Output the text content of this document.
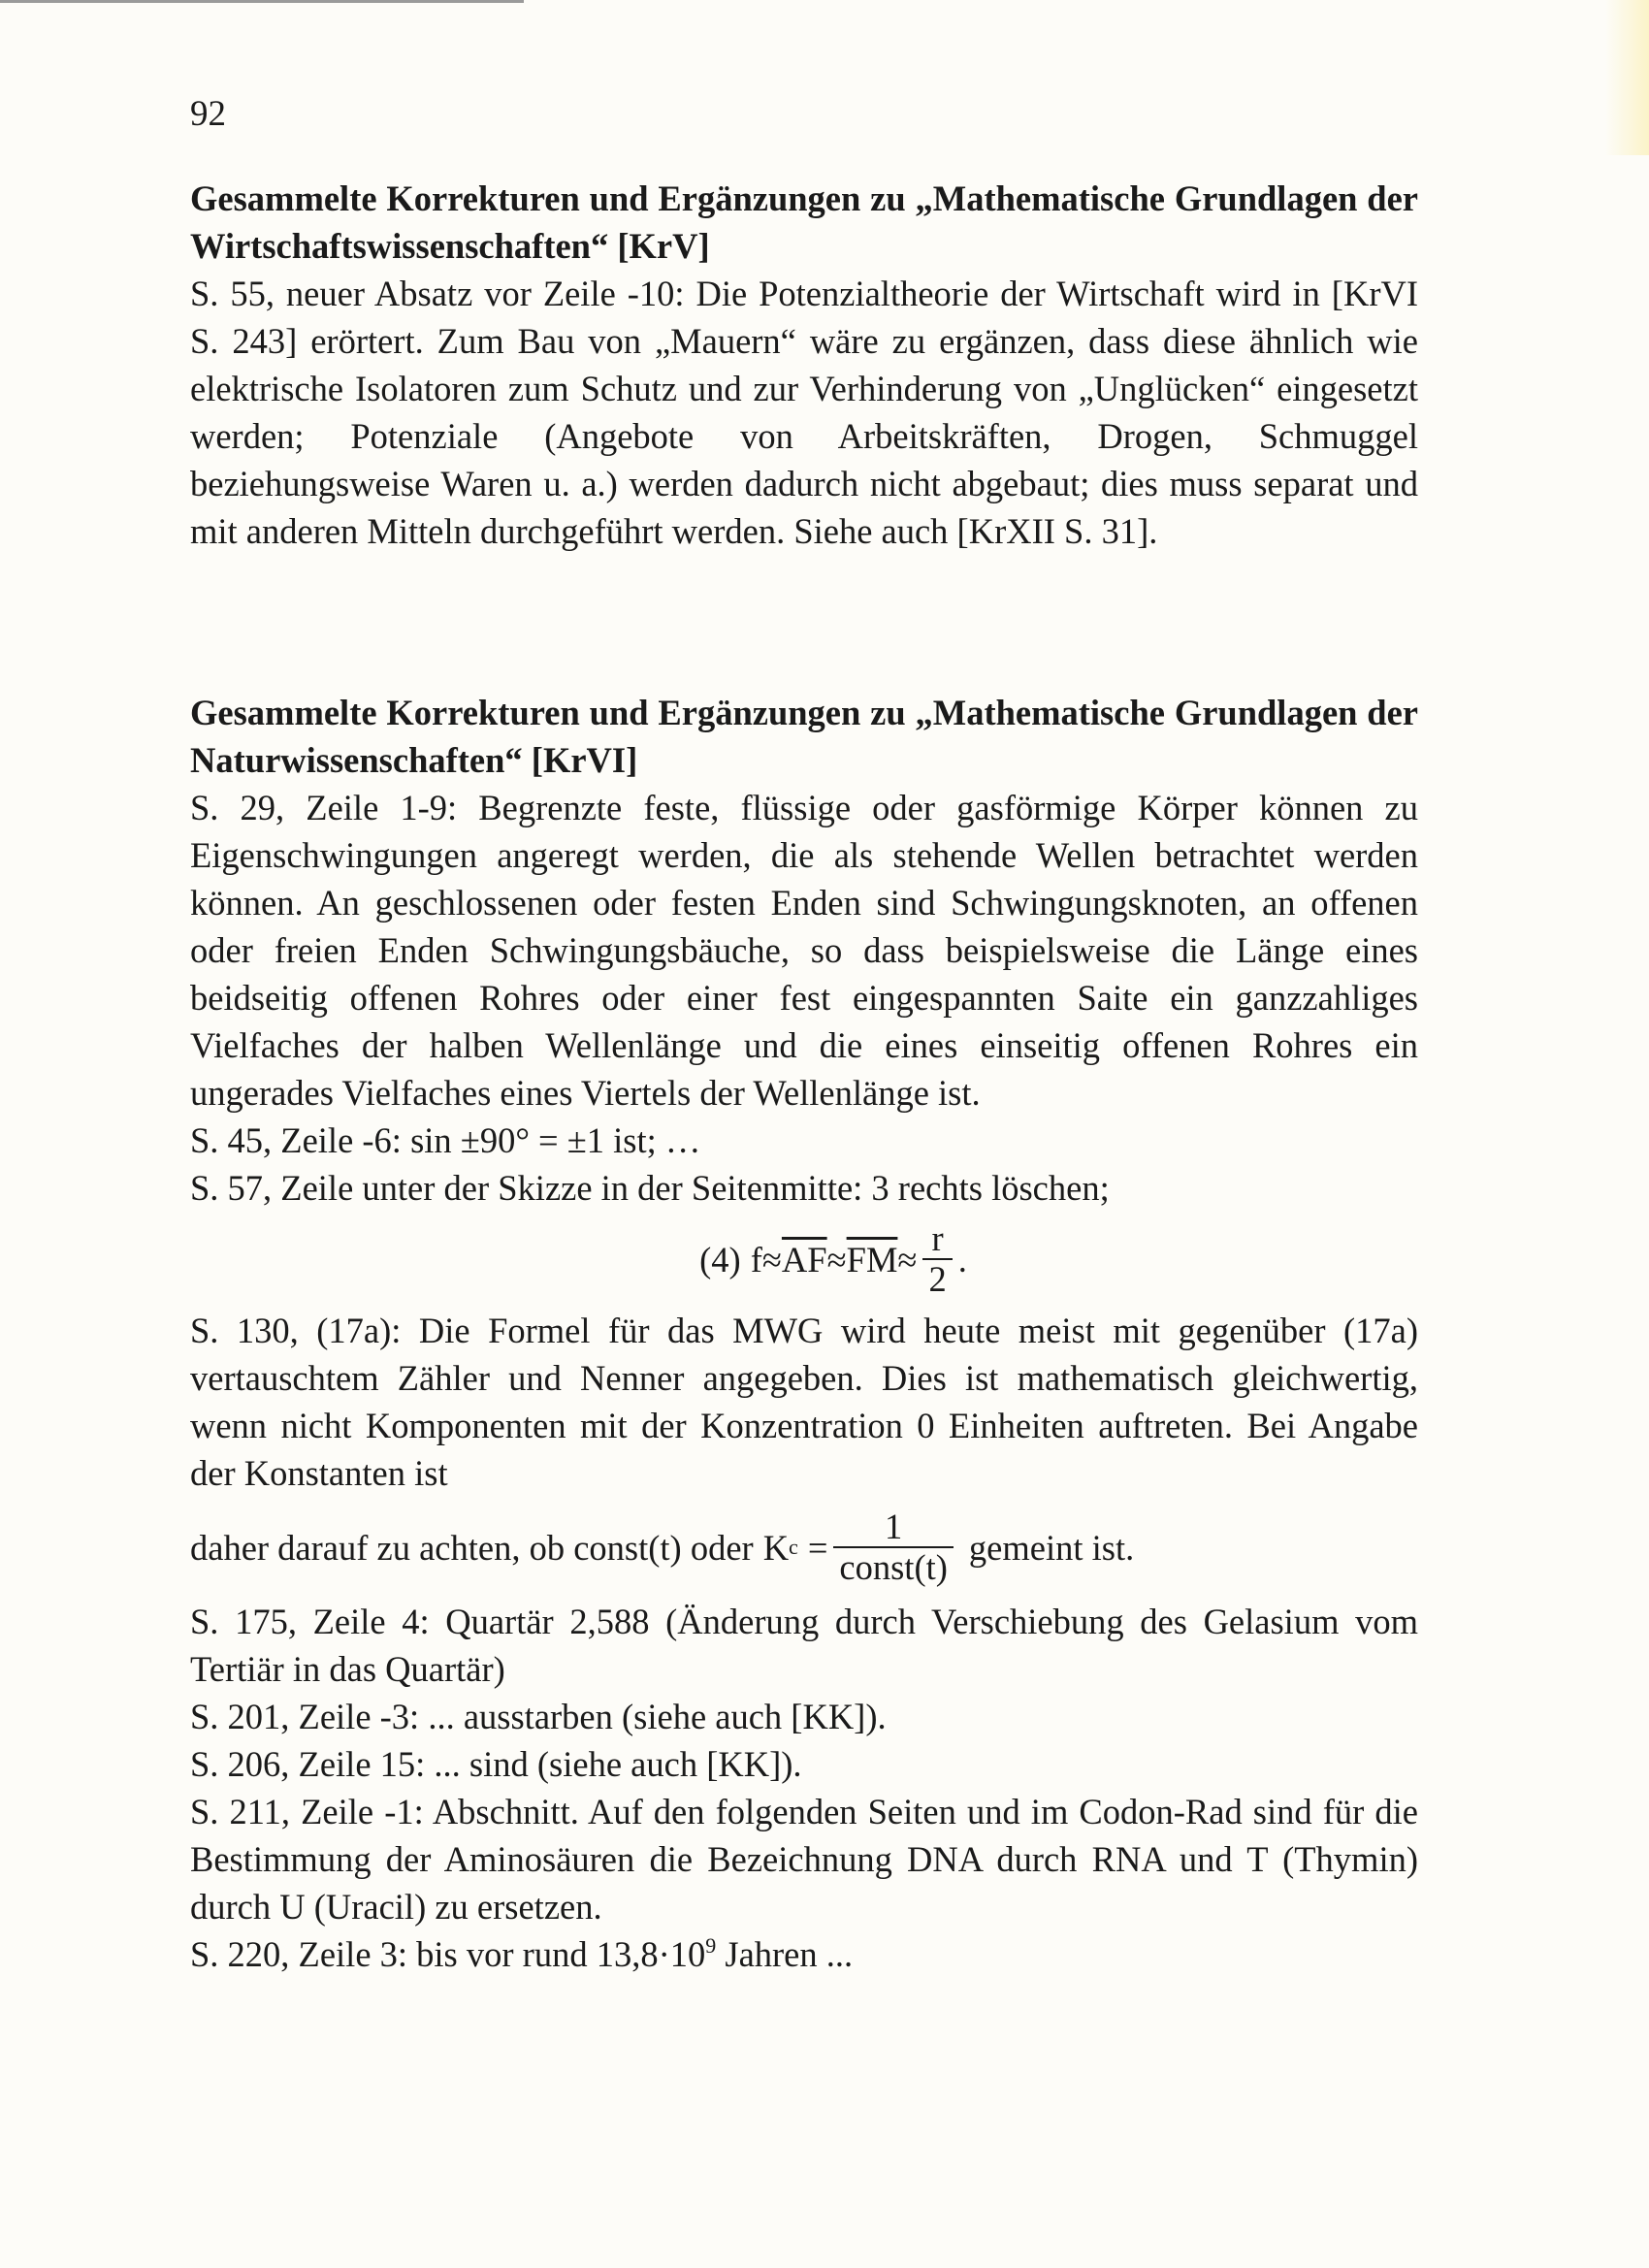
92

Gesammelte Korrekturen und Ergänzungen zu „Mathematische Grundlagen der Wirtschaftswissenschaften“ [KrV]

S. 55, neuer Absatz vor Zeile -10: Die Potenzialtheorie der Wirtschaft wird in [KrVI S. 243] erörtert. Zum Bau von „Mauern“ wäre zu ergänzen, dass diese ähnlich wie elektrische Isolatoren zum Schutz und zur Verhinderung von „Unglücken“ eingesetzt werden; Potenziale (Angebote von Arbeitskräften, Drogen, Schmuggel beziehungsweise Waren u. a.) werden dadurch nicht abgebaut; dies muss separat und mit anderen Mitteln durchgeführt werden. Siehe auch [KrXII S. 31].

Gesammelte Korrekturen und Ergänzungen zu „Mathematische Grundlagen der Naturwissenschaften“ [KrVI]

S. 29, Zeile 1-9: Begrenzte feste, flüssige oder gasförmige Körper können zu Eigenschwingungen angeregt werden, die als stehende Wellen betrachtet werden können. An geschlossenen oder festen Enden sind Schwingungsknoten, an offenen oder freien Enden Schwingungsbäuche, so dass beispielsweise die Länge eines beidseitig offenen Rohres oder einer fest eingespannten Saite ein ganzzahliges Vielfaches der halben Wellenlänge und die eines einseitig offenen Rohres ein ungerades Vielfaches eines Viertels der Wellenlänge ist.

S. 45, Zeile -6: sin ±90° = ±1 ist; …

S. 57, Zeile unter der Skizze in der Seitenmitte: 3 rechts löschen;

(4) $f \approx \overline{AF} \approx \overline{FM} \approx \frac{r}{2}$ .

S. 130, (17a): Die Formel für das MWG wird heute meist mit gegenüber (17a) vertauschtem Zähler und Nenner angegeben. Dies ist mathematisch gleichwertig, wenn nicht Komponenten mit der Konzentration 0 Einheiten auftreten. Bei Angabe der Konstanten ist

daher darauf zu achten, ob const(t) oder K $c = \frac{1}{\text{const(t)}}$ gemeint ist.

S. 175, Zeile 4: Quartär 2,588 (Änderung durch Verschiebung des Gelasium vom Tertiär in das Quartär)

S. 201, Zeile -3: ... ausstarben (siehe auch [KK]).

S. 206, Zeile 15: ... sind (siehe auch [KK]).

S. 211, Zeile -1: Abschnitt. Auf den folgenden Seiten und im Codon-Rad sind für die Bestimmung der Aminosäuren die Bezeichnung DNA durch RNA und T (Thymin) durch U (Uracil) zu ersetzen.

S. 220, Zeile 3: bis vor rund $13,8\cdot 10^9$ Jahren ...
